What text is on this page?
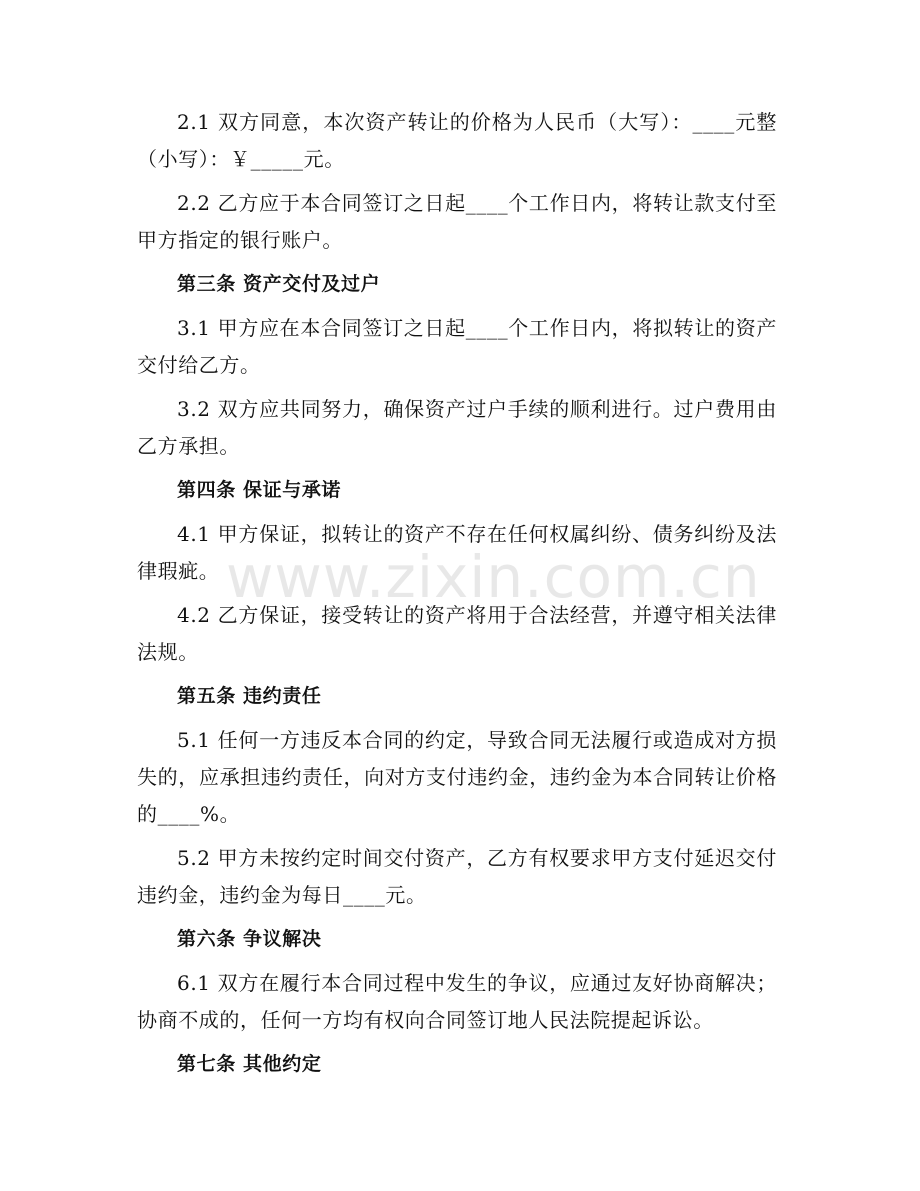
2.1 双方同意，本次资产转让的价格为人民币（大写）：____元整（小写）：￥_____元。

2.2 乙方应于本合同签订之日起____个工作日内，将转让款支付至甲方指定的银行账户。

第三条 资产交付及过户

3.1 甲方应在本合同签订之日起____个工作日内，将拟转让的资产交付给乙方。

3.2 双方应共同努力，确保资产过户手续的顺利进行。过户费用由乙方承担。

第四条 保证与承诺

4.1 甲方保证，拟转让的资产不存在任何权属纠纷、债务纠纷及法律瑕疵。

4.2 乙方保证，接受转让的资产将用于合法经营，并遵守相关法律法规。

第五条 违约责任

5.1 任何一方违反本合同的约定，导致合同无法履行或造成对方损失的，应承担违约责任，向对方支付违约金，违约金为本合同转让价格的____%。

5.2 甲方未按约定时间交付资产，乙方有权要求甲方支付延迟交付违约金，违约金为每日____元。

第六条 争议解决

6.1 双方在履行本合同过程中发生的争议，应通过友好协商解决；协商不成的，任何一方均有权向合同签订地人民法院提起诉讼。

第七条 其他约定

www.zixin.com.cn
